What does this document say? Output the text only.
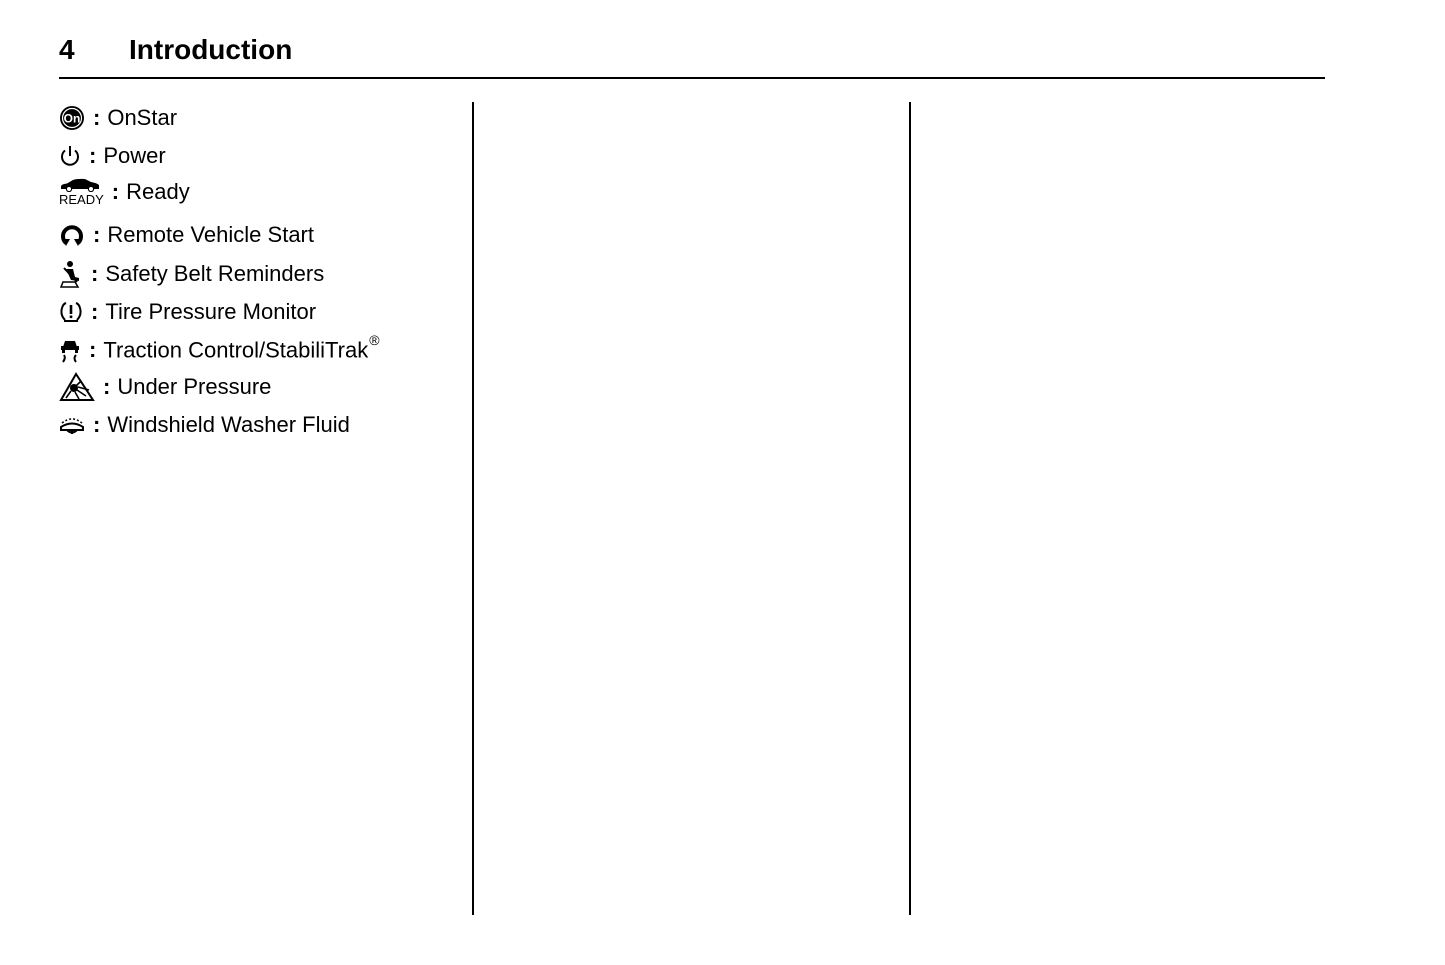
4 Introduction
On : OnStar
: Power
READY : Ready
: Remote Vehicle Start
: Safety Belt Reminders
: Tire Pressure Monitor
: Traction Control/StabiliTrak®
: Under Pressure
: Windshield Washer Fluid
